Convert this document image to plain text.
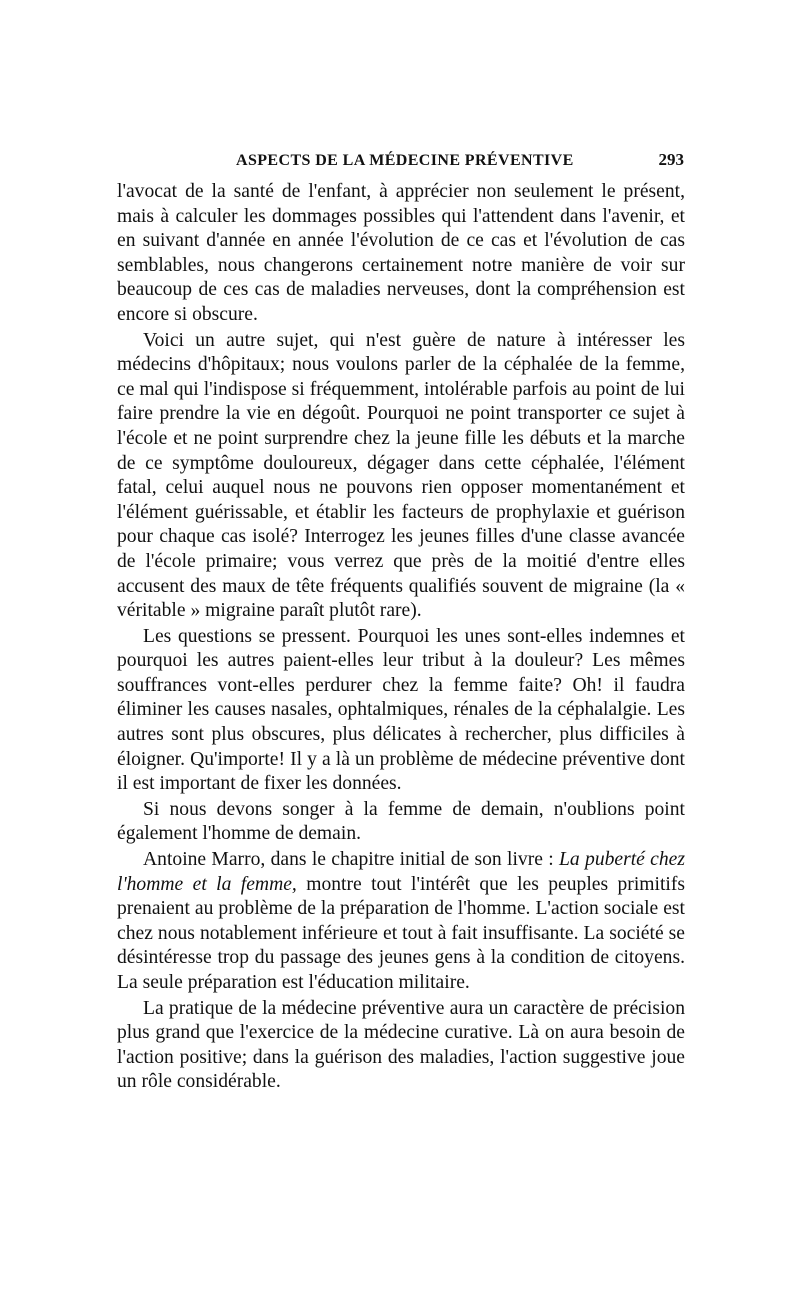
ASPECTS DE LA MÉDECINE PRÉVENTIVE	293

l'avocat de la santé de l'enfant, à apprécier non seulement le présent, mais à calculer les dommages possibles qui l'attendent dans l'avenir, et en suivant d'année en année l'évolution de ce cas et l'évolution de cas semblables, nous changerons certainement notre manière de voir sur beaucoup de ces cas de maladies nerveuses, dont la compréhension est encore si obscure.

Voici un autre sujet, qui n'est guère de nature à intéresser les médecins d'hôpitaux; nous voulons parler de la céphalée de la femme, ce mal qui l'indispose si fréquemment, intolérable parfois au point de lui faire prendre la vie en dégoût. Pourquoi ne point transporter ce sujet à l'école et ne point surprendre chez la jeune fille les débuts et la marche de ce symptôme douloureux, dégager dans cette céphalée, l'élément fatal, celui auquel nous ne pouvons rien opposer momentanément et l'élément guérissable, et établir les facteurs de prophylaxie et guérison pour chaque cas isolé? Interrogez les jeunes filles d'une classe avancée de l'école primaire; vous verrez que près de la moitié d'entre elles accusent des maux de tête fréquents qualifiés souvent de migraine (la « véritable » migraine paraît plutôt rare).

Les questions se pressent. Pourquoi les unes sont-elles indemnes et pourquoi les autres paient-elles leur tribut à la douleur? Les mêmes souffrances vont-elles perdurer chez la femme faite? Oh! il faudra éliminer les causes nasales, ophtalmiques, rénales de la céphalalgie. Les autres sont plus obscures, plus délicates à rechercher, plus difficiles à éloigner. Qu'importe! Il y a là un problème de médecine préventive dont il est important de fixer les données.

Si nous devons songer à la femme de demain, n'oublions point également l'homme de demain.

Antoine Marro, dans le chapitre initial de son livre : La puberté chez l'homme et la femme, montre tout l'intérêt que les peuples primitifs prenaient au problème de la préparation de l'homme. L'action sociale est chez nous notablement inférieure et tout à fait insuffisante. La société se désintéresse trop du passage des jeunes gens à la condition de citoyens. La seule préparation est l'éducation militaire.

La pratique de la médecine préventive aura un caractère de précision plus grand que l'exercice de la médecine curative. Là on aura besoin de l'action positive; dans la guérison des maladies, l'action suggestive joue un rôle considérable.
